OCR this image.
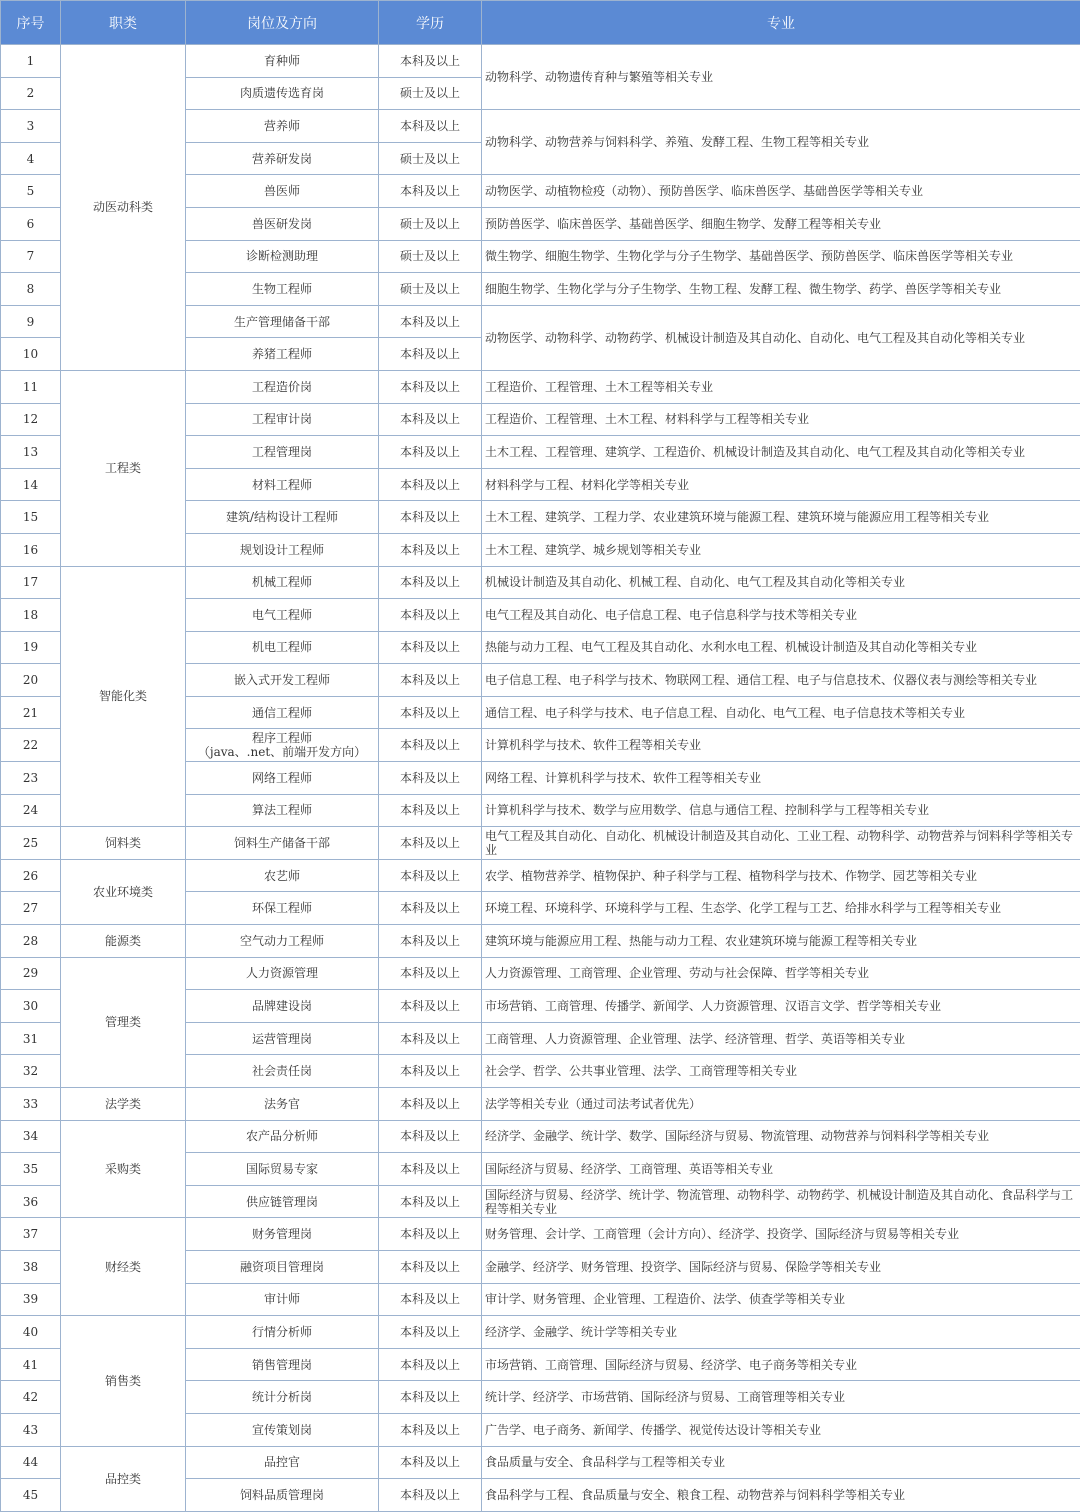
序号	职类	岗位及方向	学历	专业
1	动医动科类	育种师	本科及以上	动物科学、动物遗传育种与繁殖等相关专业
2		肉质遗传选育岗	硕士及以上	
3		营养师	本科及以上	动物科学、动物营养与饲料科学、养殖、发酵工程、生物工程等相关专业
4		营养研发岗	硕士及以上	
5		兽医师	本科及以上	动物医学、动植物检疫（动物）、预防兽医学、临床兽医学、基础兽医学等相关专业
6		兽医研发岗	硕士及以上	预防兽医学、临床兽医学、基础兽医学、细胞生物学、发酵工程等相关专业
7		诊断检测助理	硕士及以上	微生物学、细胞生物学、生物化学与分子生物学、基础兽医学、预防兽医学、临床兽医学等相关专业
8		生物工程师	硕士及以上	细胞生物学、生物化学与分子生物学、生物工程、发酵工程、微生物学、药学、兽医学等相关专业
9		生产管理储备干部	本科及以上	动物医学、动物科学、动物药学、机械设计制造及其自动化、自动化、电气工程及其自动化等相关专业
10		养猪工程师	本科及以上	
11	工程类	工程造价岗	本科及以上	工程造价、工程管理、土木工程等相关专业
12		工程审计岗	本科及以上	工程造价、工程管理、土木工程、材料科学与工程等相关专业
13		工程管理岗	本科及以上	土木工程、工程管理、建筑学、工程造价、机械设计制造及其自动化、电气工程及其自动化等相关专业
14		材料工程师	本科及以上	材料科学与工程、材料化学等相关专业
15		建筑/结构设计工程师	本科及以上	土木工程、建筑学、工程力学、农业建筑环境与能源工程、建筑环境与能源应用工程等相关专业
16		规划设计工程师	本科及以上	土木工程、建筑学、城乡规划等相关专业
17	智能化类	机械工程师	本科及以上	机械设计制造及其自动化、机械工程、自动化、电气工程及其自动化等相关专业
18		电气工程师	本科及以上	电气工程及其自动化、电子信息工程、电子信息科学与技术等相关专业
19		机电工程师	本科及以上	热能与动力工程、电气工程及其自动化、水利水电工程、机械设计制造及其自动化等相关专业
20		嵌入式开发工程师	本科及以上	电子信息工程、电子科学与技术、物联网工程、通信工程、电子与信息技术、仪器仪表与测绘等相关专业
21		通信工程师	本科及以上	通信工程、电子科学与技术、电子信息工程、自动化、电气工程、电子信息技术等相关专业
22		程序工程师
（java、.net、前端开发方向）	本科及以上	计算机科学与技术、软件工程等相关专业
23		网络工程师	本科及以上	网络工程、计算机科学与技术、软件工程等相关专业
24		算法工程师	本科及以上	计算机科学与技术、数学与应用数学、信息与通信工程、控制科学与工程等相关专业
25	饲料类	饲料生产储备干部	本科及以上	电气工程及其自动化、自动化、机械设计制造及其自动化、工业工程、动物科学、动物营养与饲料科学等相关专业
26	农业环境类	农艺师	本科及以上	农学、植物营养学、植物保护、种子科学与工程、植物科学与技术、作物学、园艺等相关专业
27		环保工程师	本科及以上	环境工程、环境科学、环境科学与工程、生态学、化学工程与工艺、给排水科学与工程等相关专业
28	能源类	空气动力工程师	本科及以上	建筑环境与能源应用工程、热能与动力工程、农业建筑环境与能源工程等相关专业
29	管理类	人力资源管理	本科及以上	人力资源管理、工商管理、企业管理、劳动与社会保障、哲学等相关专业
30		品牌建设岗	本科及以上	市场营销、工商管理、传播学、新闻学、人力资源管理、汉语言文学、哲学等相关专业
31		运营管理岗	本科及以上	工商管理、人力资源管理、企业管理、法学、经济管理、哲学、英语等相关专业
32		社会责任岗	本科及以上	社会学、哲学、公共事业管理、法学、工商管理等相关专业
33	法学类	法务官	本科及以上	法学等相关专业（通过司法考试者优先）
34	采购类	农产品分析师	本科及以上	经济学、金融学、统计学、数学、国际经济与贸易、物流管理、动物营养与饲料科学等相关专业
35		国际贸易专家	本科及以上	国际经济与贸易、经济学、工商管理、英语等相关专业
36		供应链管理岗	本科及以上	国际经济与贸易、经济学、统计学、物流管理、动物科学、动物药学、机械设计制造及其自动化、食品科学与工程等相关专业
37	财经类	财务管理岗	本科及以上	财务管理、会计学、工商管理（会计方向）、经济学、投资学、国际经济与贸易等相关专业
38		融资项目管理岗	本科及以上	金融学、经济学、财务管理、投资学、国际经济与贸易、保险学等相关专业
39		审计师	本科及以上	审计学、财务管理、企业管理、工程造价、法学、侦查学等相关专业
40	销售类	行情分析师	本科及以上	经济学、金融学、统计学等相关专业
41		销售管理岗	本科及以上	市场营销、工商管理、国际经济与贸易、经济学、电子商务等相关专业
42		统计分析岗	本科及以上	统计学、经济学、市场营销、国际经济与贸易、工商管理等相关专业
43		宣传策划岗	本科及以上	广告学、电子商务、新闻学、传播学、视觉传达设计等相关专业
44	品控类	品控官	本科及以上	食品质量与安全、食品科学与工程等相关专业
45		饲料品质管理岗	本科及以上	食品科学与工程、食品质量与安全、粮食工程、动物营养与饲料科学等相关专业
